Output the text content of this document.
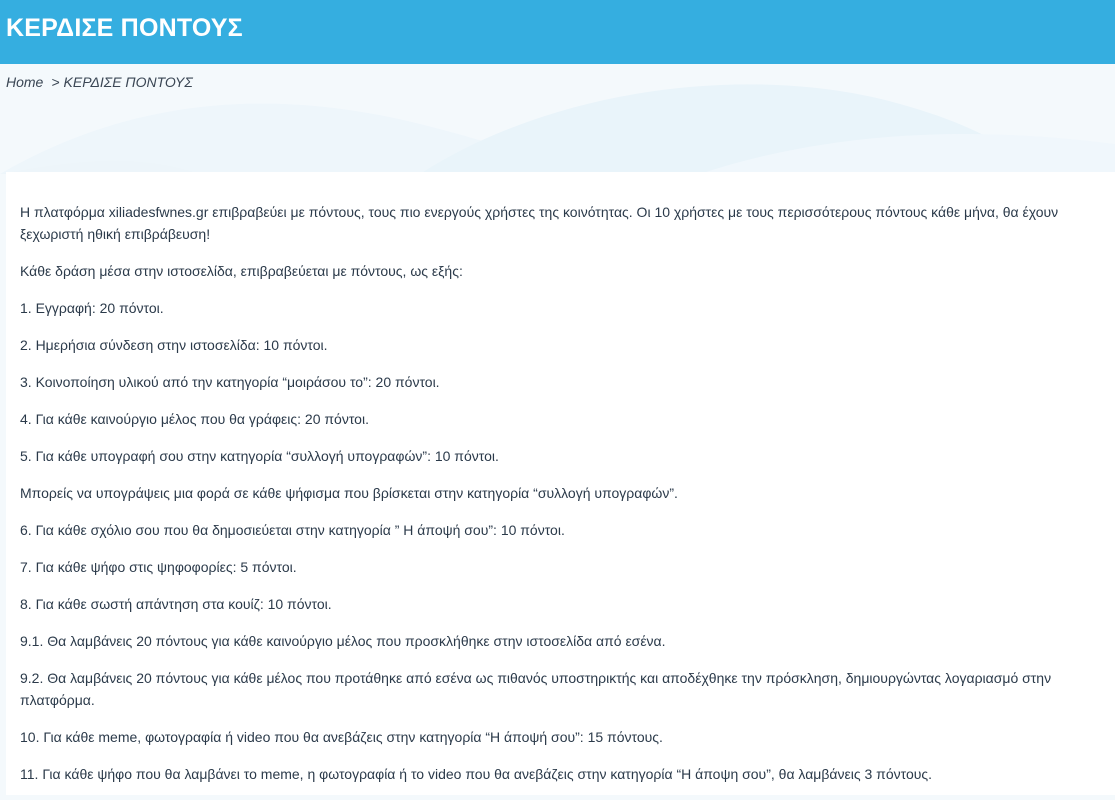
ΚΕΡΔΙΣΕ ΠΟΝΤΟΥΣ
Home > ΚΕΡΔΙΣΕ ΠΟΝΤΟΥΣ

Η πλατφόρμα xiliadesfwnes.gr επιβραβεύει με πόντους, τους πιο ενεργούς χρήστες της κοινότητας. Οι 10 χρήστες με τους περισσότερους πόντους κάθε μήνα, θα έχουν ξεχωριστή ηθική επιβράβευση!

Κάθε δράση μέσα στην ιστοσελίδα, επιβραβεύεται με πόντους, ως εξής:

1. Εγγραφή: 20 πόντοι.

2. Ημερήσια σύνδεση στην ιστοσελίδα: 10 πόντοι.

3. Κοινοποίηση υλικού από την κατηγορία “μοιράσου το”: 20 πόντοι.

4. Για κάθε καινούργιο μέλος που θα γράφεις: 20 πόντοι.

5. Για κάθε υπογραφή σου στην κατηγορία “συλλογή υπογραφών”: 10 πόντοι.

Μπορείς να υπογράψεις μια φορά σε κάθε ψήφισμα που βρίσκεται στην κατηγορία “συλλογή υπογραφών”.

6. Για κάθε σχόλιο σου που θα δημοσιεύεται στην κατηγορία ” Η άποψή σου”: 10 πόντοι.

7. Για κάθε ψήφο στις ψηφοφορίες: 5 πόντοι.

8. Για κάθε σωστή απάντηση στα κουίζ: 10 πόντοι.

9.1. Θα λαμβάνεις 20 πόντους για κάθε καινούργιο μέλος που προσκλήθηκε στην ιστοσελίδα από εσένα.

9.2. Θα λαμβάνεις 20 πόντους για κάθε μέλος που προτάθηκε από εσένα ως πιθανός υποστηρικτής και αποδέχθηκε την πρόσκληση, δημιουργώντας λογαριασμό στην πλατφόρμα.

10. Για κάθε meme, φωτογραφία ή video που θα ανεβάζεις στην κατηγορία “Η άποψή σου”: 15 πόντους.

11. Για κάθε ψήφο που θα λαμβάνει το meme, η φωτογραφία ή το video που θα ανεβάζεις στην κατηγορία “Η άποψη σου”, θα λαμβάνεις 3 πόντους.
